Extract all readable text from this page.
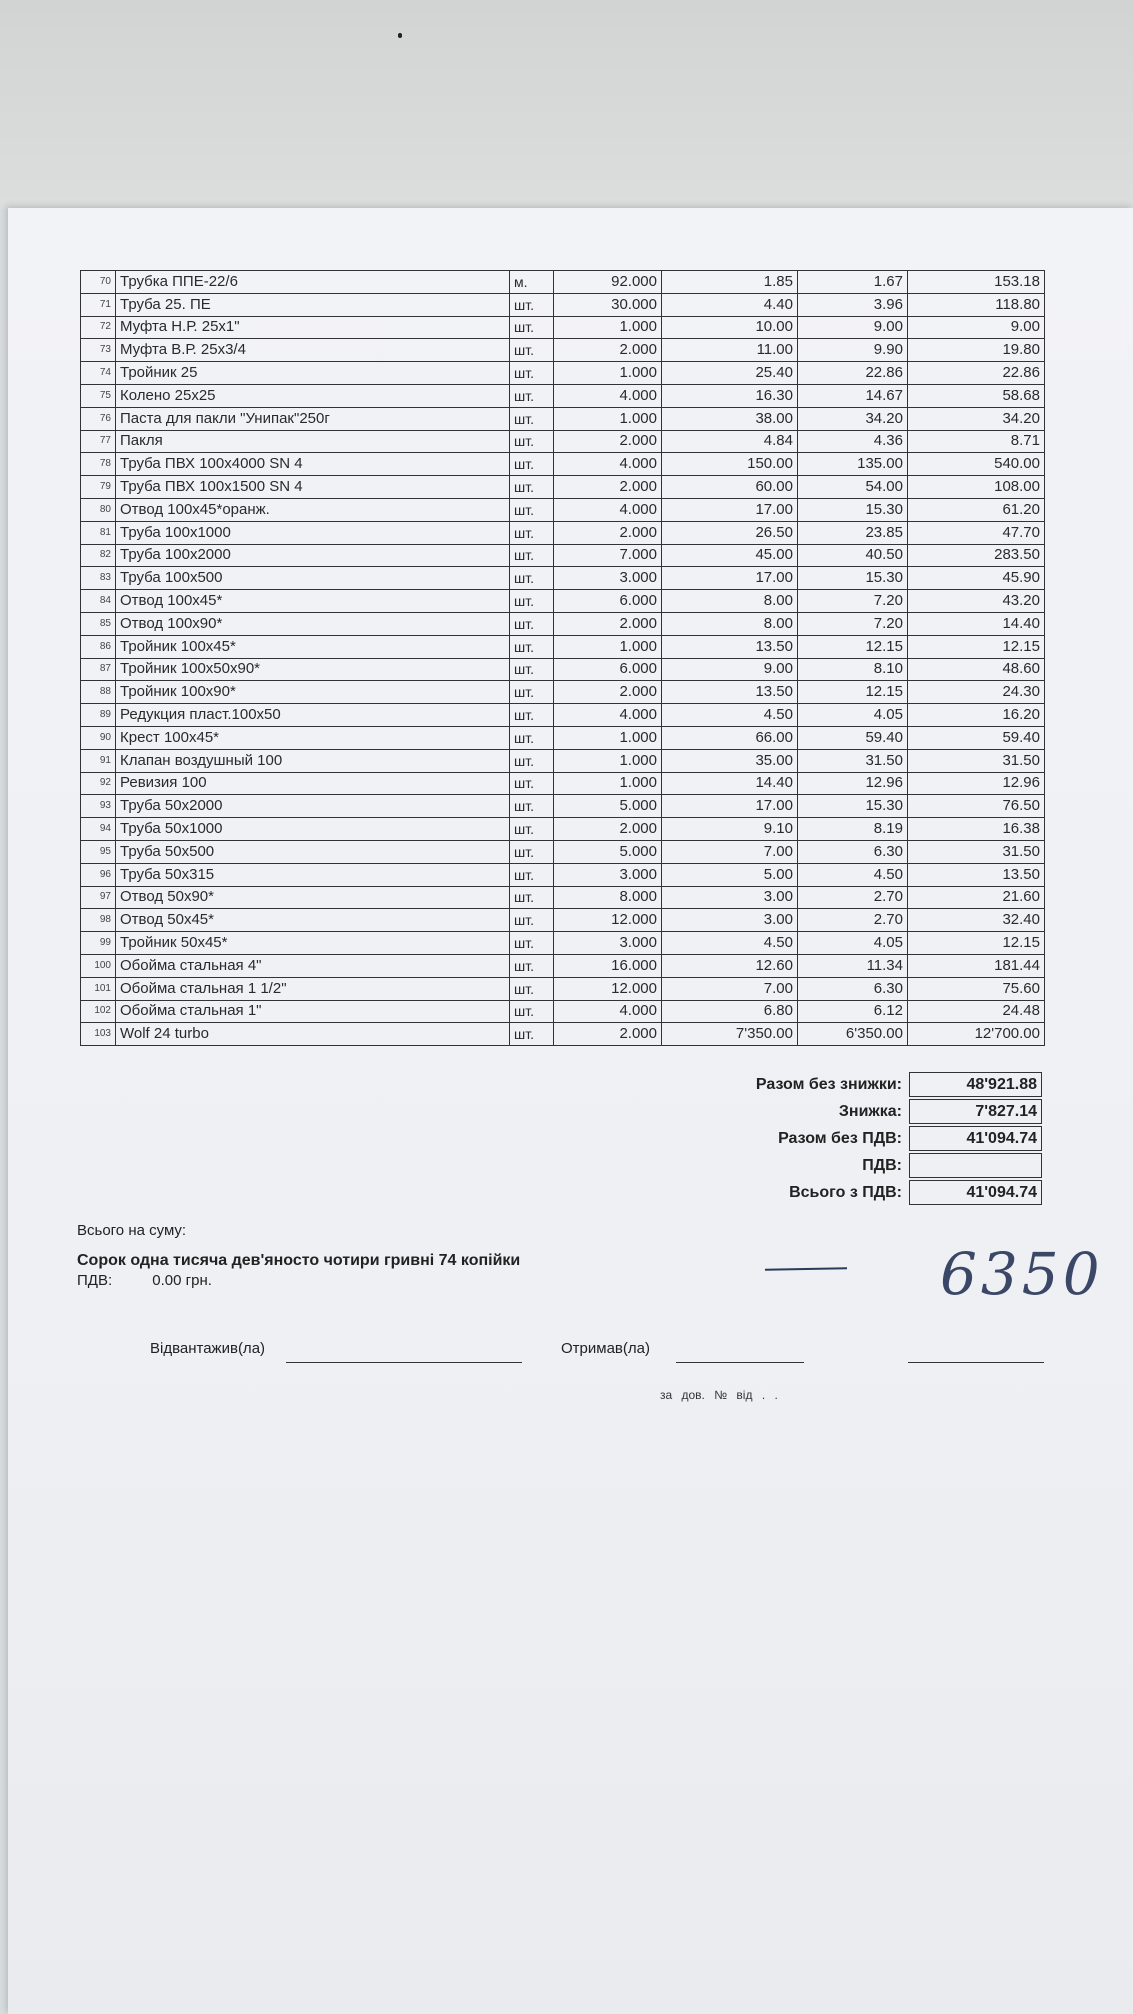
70	Трубка ППЕ-22/6	м.	92.000	1.85	1.67	153.18
71	Труба 25. ПЕ	шт.	30.000	4.40	3.96	118.80
72	Муфта Н.Р. 25x1"	шт.	1.000	10.00	9.00	9.00
73	Муфта В.Р. 25x3/4	шт.	2.000	11.00	9.90	19.80
74	Тройник 25	шт.	1.000	25.40	22.86	22.86
75	Колено 25x25	шт.	4.000	16.30	14.67	58.68
76	Паста для пакли "Унипак"250г	шт.	1.000	38.00	34.20	34.20
77	Пакля	шт.	2.000	4.84	4.36	8.71
78	Труба ПВХ 100x4000 SN 4	шт.	4.000	150.00	135.00	540.00
79	Труба ПВХ 100x1500 SN 4	шт.	2.000	60.00	54.00	108.00
80	Отвод 100x45*оранж.	шт.	4.000	17.00	15.30	61.20
81	Труба 100x1000	шт.	2.000	26.50	23.85	47.70
82	Труба 100x2000	шт.	7.000	45.00	40.50	283.50
83	Труба 100x500	шт.	3.000	17.00	15.30	45.90
84	Отвод 100x45*	шт.	6.000	8.00	7.20	43.20
85	Отвод 100x90*	шт.	2.000	8.00	7.20	14.40
86	Тройник 100x45*	шт.	1.000	13.50	12.15	12.15
87	Тройник 100x50x90*	шт.	6.000	9.00	8.10	48.60
88	Тройник 100x90*	шт.	2.000	13.50	12.15	24.30
89	Редукция пласт.100x50	шт.	4.000	4.50	4.05	16.20
90	Крест 100x45*	шт.	1.000	66.00	59.40	59.40
91	Клапан воздушный 100	шт.	1.000	35.00	31.50	31.50
92	Ревизия 100	шт.	1.000	14.40	12.96	12.96
93	Труба 50x2000	шт.	5.000	17.00	15.30	76.50
94	Труба 50x1000	шт.	2.000	9.10	8.19	16.38
95	Труба 50x500	шт.	5.000	7.00	6.30	31.50
96	Труба 50x315	шт.	3.000	5.00	4.50	13.50
97	Отвод 50x90*	шт.	8.000	3.00	2.70	21.60
98	Отвод 50x45*	шт.	12.000	3.00	2.70	32.40
99	Тройник 50x45*	шт.	3.000	4.50	4.05	12.15
100	Обойма стальная 4"	шт.	16.000	12.60	11.34	181.44
101	Обойма стальная 1 1/2"	шт.	12.000	7.00	6.30	75.60
102	Обойма стальная 1"	шт.	4.000	6.80	6.12	24.48
103	Wolf 24 turbo	шт.	2.000	7'350.00	6'350.00	12'700.00
Разом без знижки:	48'921.88
Знижка:	7'827.14
Разом без ПДВ:	41'094.74
ПДВ:
Всього з ПДВ:	41'094.74
Всього на суму:
Сорок одна тисяча дев'яносто чотири гривні 74 копійки
ПДВ:	0.00 грн.	6350
Відвантажив(ла)	Отримав(ла)
за дов. № від . .
